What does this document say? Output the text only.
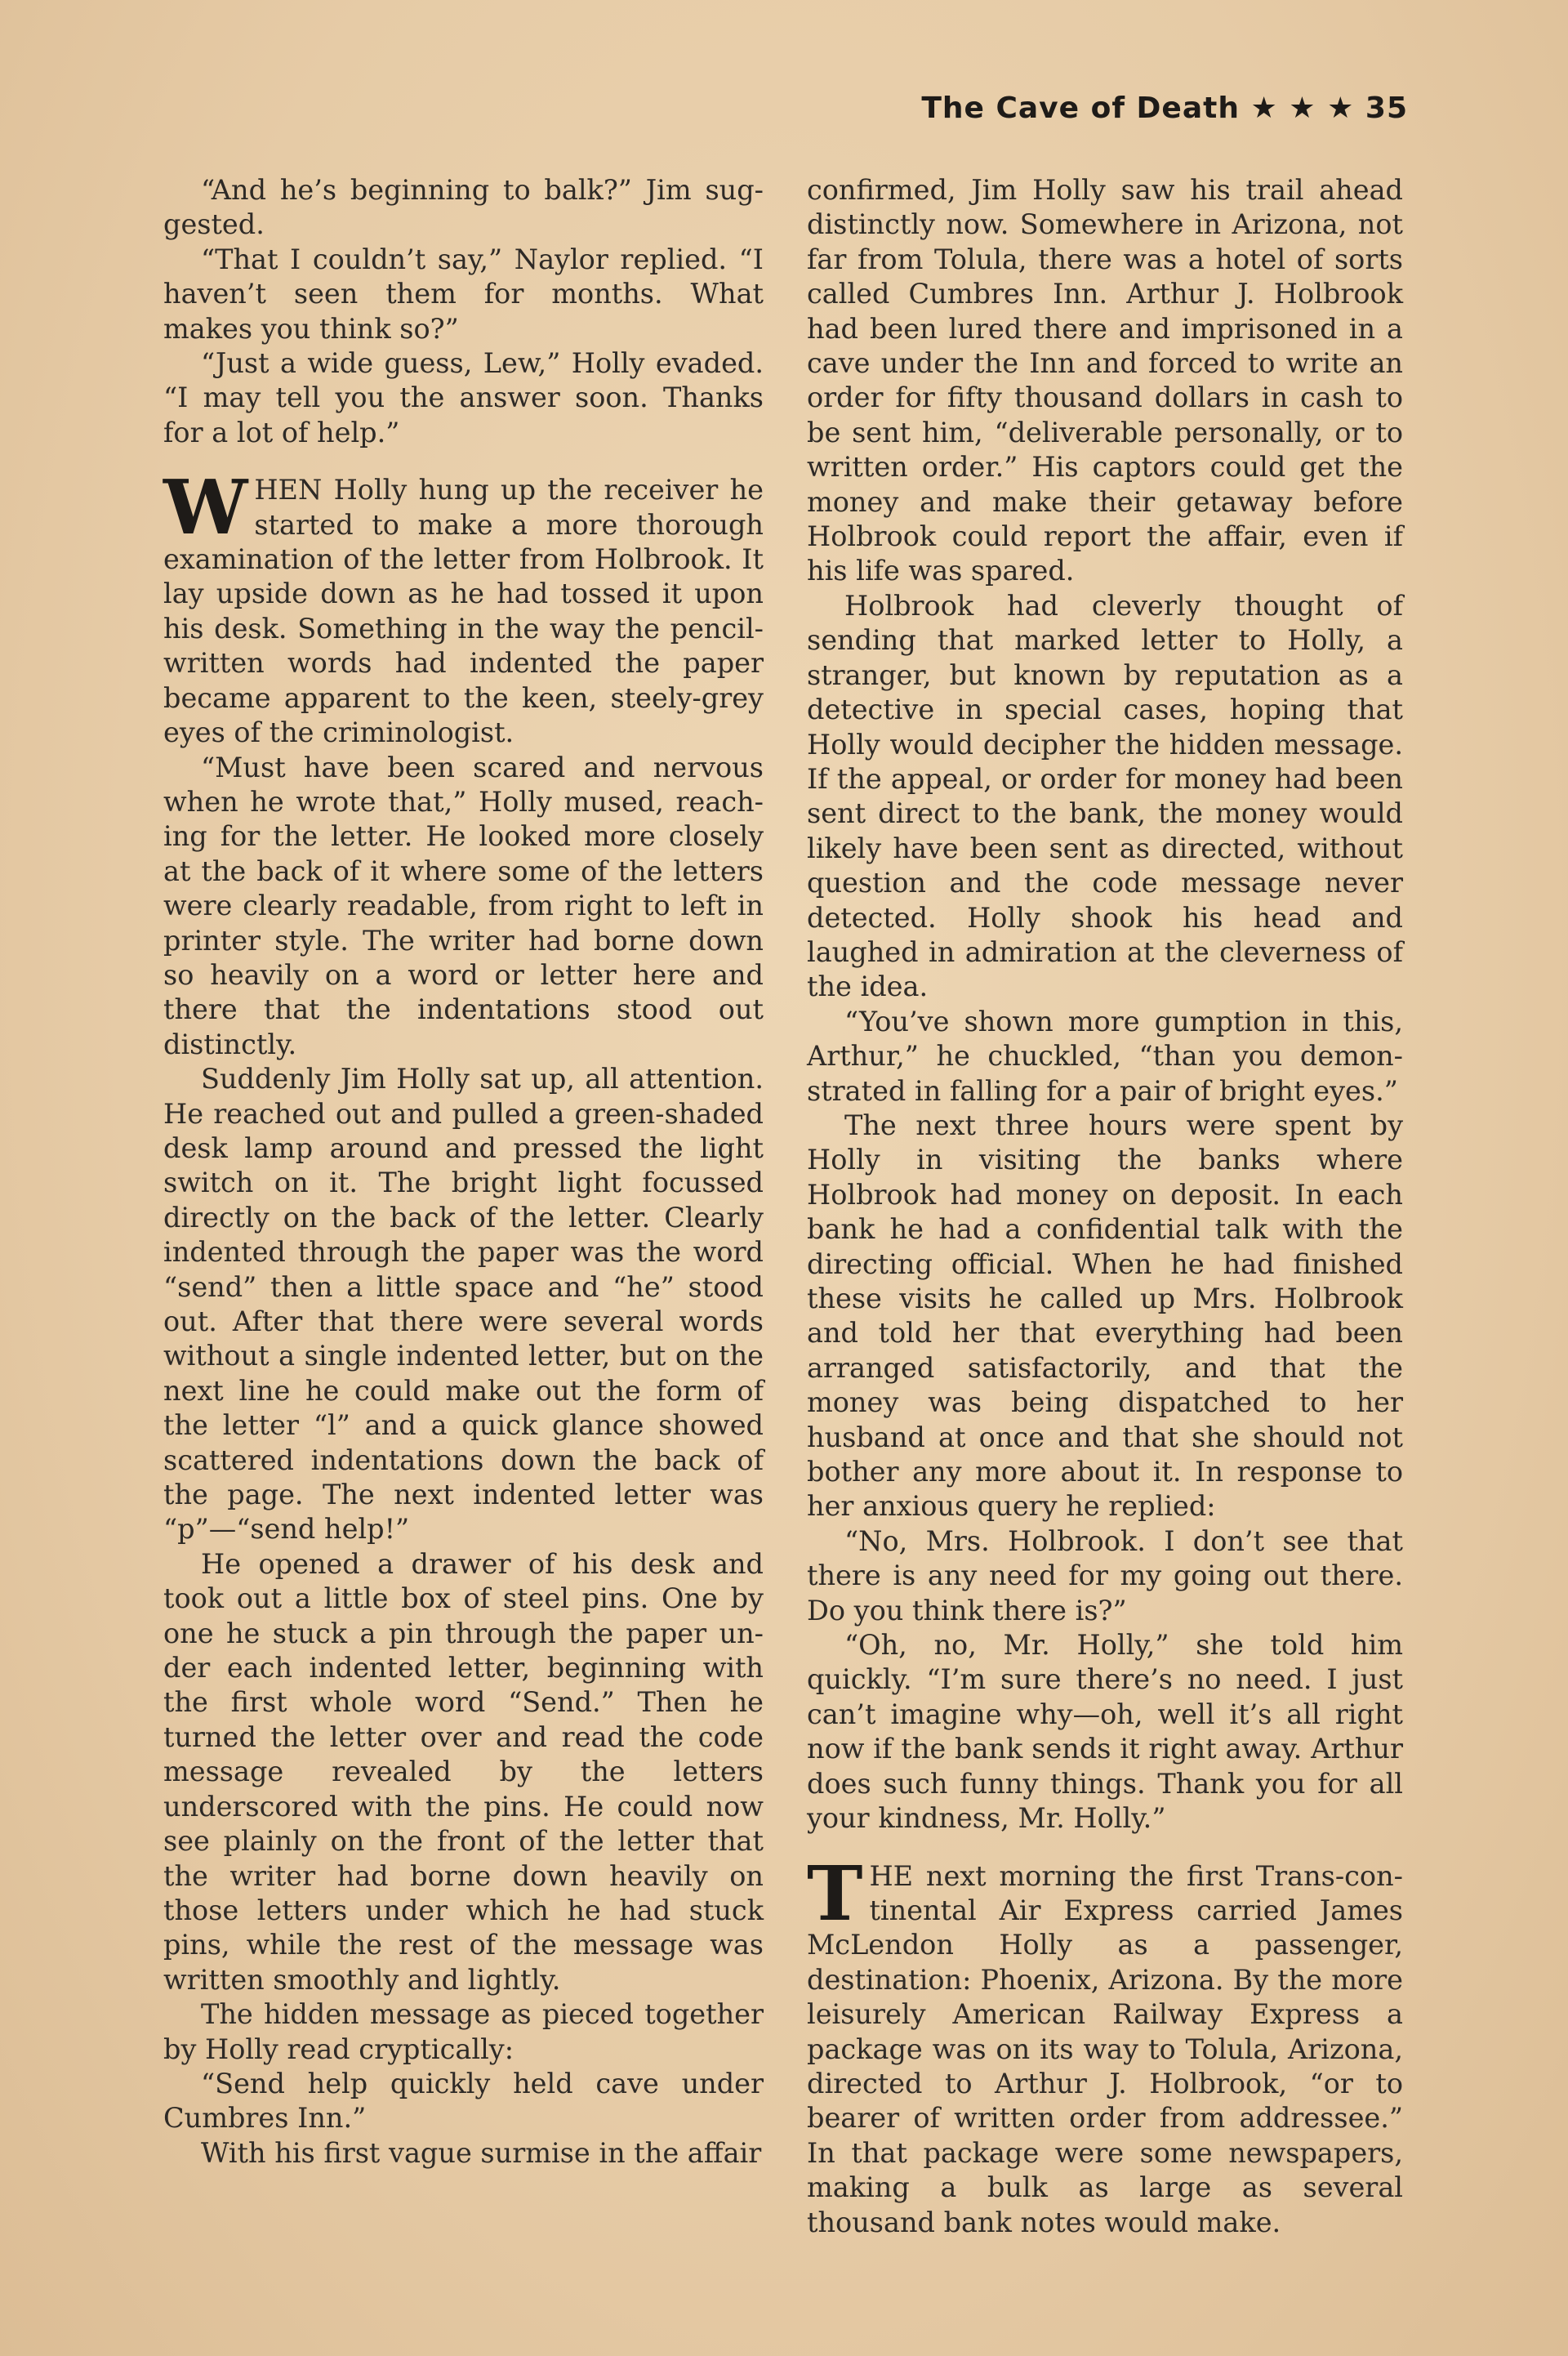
The Cave of Death ★ ★ ★ 35

“And he’s beginning to balk?” Jim suggested.

“That I couldn’t say,” Naylor replied. “I haven’t seen them for months. What makes you think so?”

“Just a wide guess, Lew,” Holly evaded. “I may tell you the answer soon. Thanks for a lot of help.”

WHEN Holly hung up the receiver he started to make a more thorough examination of the letter from Holbrook. It lay upside down as he had tossed it upon his desk. Something in the way the pencil-written words had indented the paper became apparent to the keen, steely-grey eyes of the criminologist.

“Must have been scared and nervous when he wrote that,” Holly mused, reaching for the letter. He looked more closely at the back of it where some of the letters were clearly readable, from right to left in printer style. The writer had borne down so heavily on a word or letter here and there that the indentations stood out distinctly.

Suddenly Jim Holly sat up, all attention. He reached out and pulled a green-shaded desk lamp around and pressed the light switch on it. The bright light focussed directly on the back of the letter. Clearly indented through the paper was the word “send” then a little space and “he” stood out. After that there were several words without a single indented letter, but on the next line he could make out the form of the letter “l” and a quick glance showed scattered indentations down the back of the page. The next indented letter was “p”—“send help!”

He opened a drawer of his desk and took out a little box of steel pins. One by one he stuck a pin through the paper under each indented letter, beginning with the first whole word “Send.” Then he turned the letter over and read the code message revealed by the letters underscored with the pins. He could now see plainly on the front of the letter that the writer had borne down heavily on those letters under which he had stuck pins, while the rest of the message was written smoothly and lightly.

The hidden message as pieced together by Holly read cryptically:

“Send help quickly held cave under Cumbres Inn.”

With his first vague surmise in the affair

confirmed, Jim Holly saw his trail ahead distinctly now. Somewhere in Arizona, not far from Tolula, there was a hotel of sorts called Cumbres Inn. Arthur J. Holbrook had been lured there and imprisoned in a cave under the Inn and forced to write an order for fifty thousand dollars in cash to be sent him, “deliverable personally, or to written order.” His captors could get the money and make their getaway before Holbrook could report the affair, even if his life was spared.

Holbrook had cleverly thought of sending that marked letter to Holly, a stranger, but known by reputation as a detective in special cases, hoping that Holly would decipher the hidden message. If the appeal, or order for money had been sent direct to the bank, the money would likely have been sent as directed, without question and the code message never detected. Holly shook his head and laughed in admiration at the cleverness of the idea.

“You’ve shown more gumption in this, Arthur,” he chuckled, “than you demonstrated in falling for a pair of bright eyes.”

The next three hours were spent by Holly in visiting the banks where Holbrook had money on deposit. In each bank he had a confidential talk with the directing official. When he had finished these visits he called up Mrs. Holbrook and told her that everything had been arranged satisfactorily, and that the money was being dispatched to her husband at once and that she should not bother any more about it. In response to her anxious query he replied:

“No, Mrs. Holbrook. I don’t see that there is any need for my going out there. Do you think there is?”

“Oh, no, Mr. Holly,” she told him quickly. “I’m sure there’s no need. I just can’t imagine why—oh, well it’s all right now if the bank sends it right away. Arthur does such funny things. Thank you for all your kindness, Mr. Holly.”

THE next morning the first Trans-continental Air Express carried James McLendon Holly as a passenger, destination: Phoenix, Arizona. By the more leisurely American Railway Express a package was on its way to Tolula, Arizona, directed to Arthur J. Holbrook, “or to bearer of written order from addressee.” In that package were some newspapers, making a bulk as large as several thousand bank notes would make.
